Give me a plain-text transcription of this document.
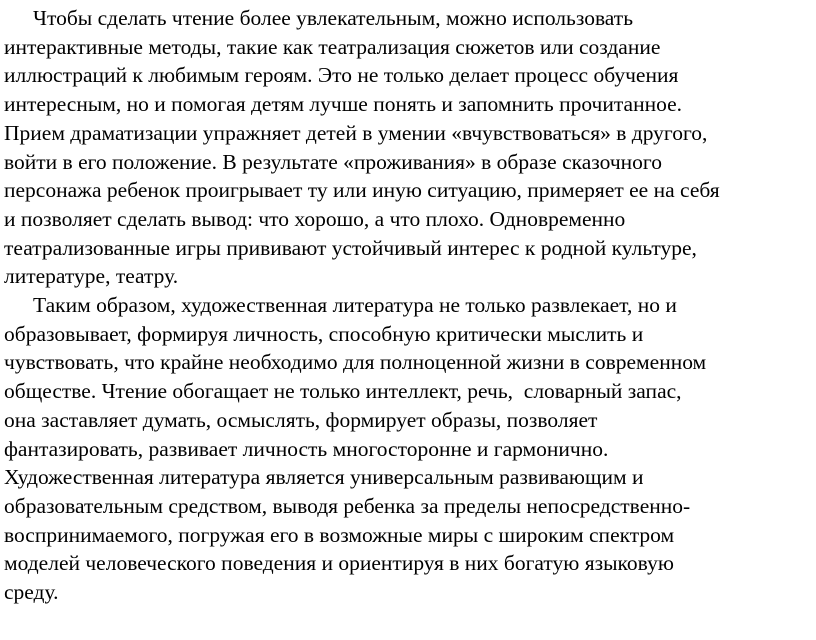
Чтобы сделать чтение более увлекательным, можно использовать
интерактивные методы, такие как театрализация сюжетов или создание
иллюстраций к любимым героям. Это не только делает процесс обучения
интересным, но и помогая детям лучше понять и запомнить прочитанное.
Прием драматизации упражняет детей в умении «вчувствоваться» в другого,
войти в его положение. В результате «проживания» в образе сказочного
персонажа ребенок проигрывает ту или иную ситуацию, примеряет ее на себя
и позволяет сделать вывод: что хорошо, а что плохо. Одновременно
театрализованные игры прививают устойчивый интерес к родной культуре,
литературе, театру.
Таким образом, художественная литература не только развлекает, но и
образовывает, формируя личность, способную критически мыслить и
чувствовать, что крайне необходимо для полноценной жизни в современном
обществе. Чтение обогащает не только интеллект, речь,  словарный запас,
она заставляет думать, осмыслять, формирует образы, позволяет
фантазировать, развивает личность многосторонне и гармонично.
Художественная литература является универсальным развивающим и
образовательным средством, выводя ребенка за пределы непосредственно-
воспринимаемого, погружая его в возможные миры с широким спектром
моделей человеческого поведения и ориентируя в них богатую языковую
среду.
